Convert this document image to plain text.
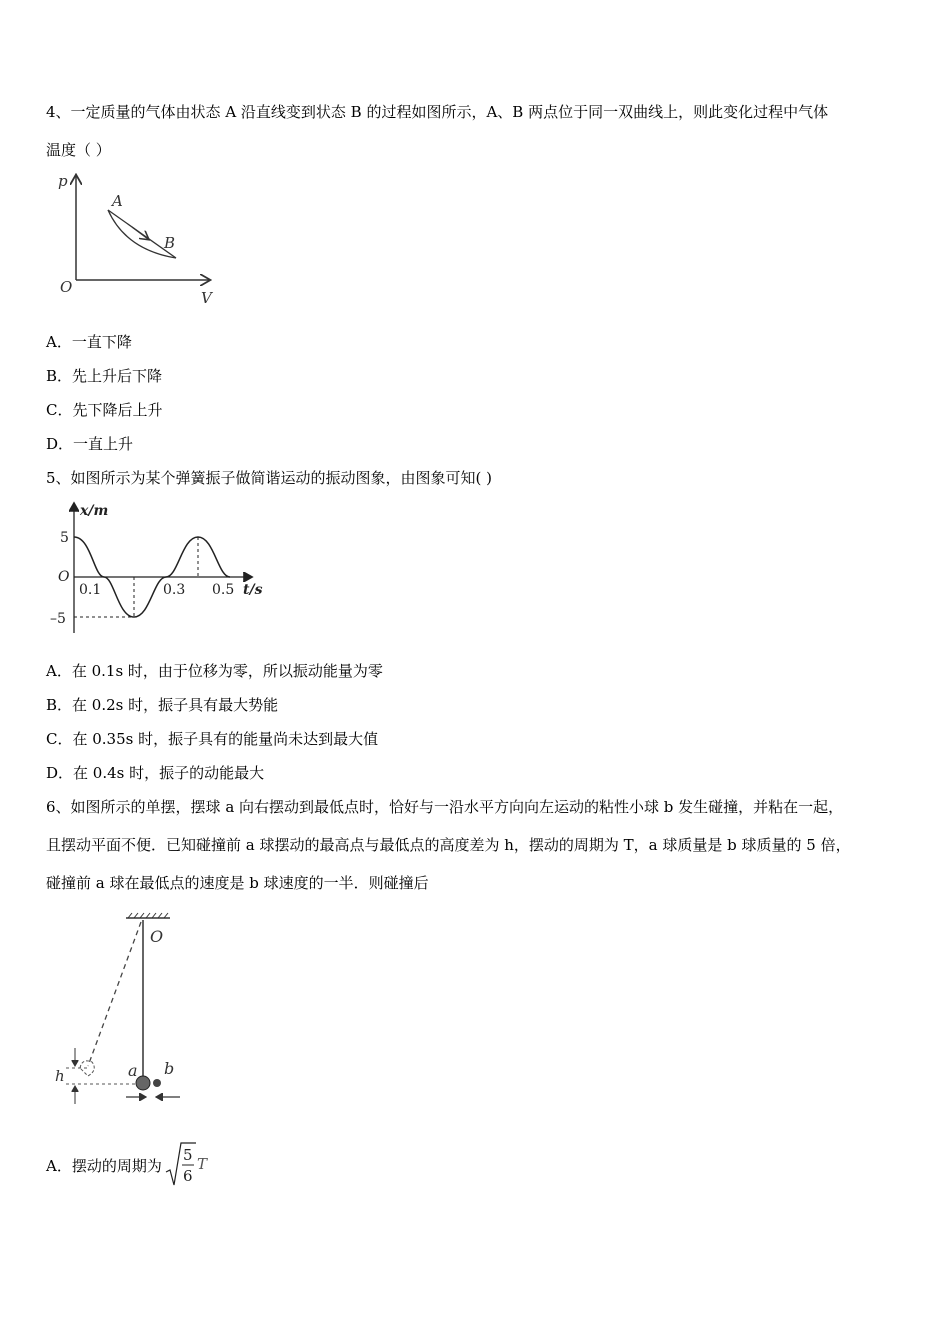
4、一定质量的气体由状态 A 沿直线变到状态 B 的过程如图所示，A、B 两点位于同一双曲线上，则此变化过程中气体
温度（ ）
p
V
O
A
B
A．一直下降
B．先上升后下降
C．先下降后上升
D．一直上升
5、如图所示为某个弹簧振子做简谐运动的振动图象，由图象可知( )
x/m
t/s
O
5
–5
0.1	0.3 0.5
A．在 0.1s 时，由于位移为零，所以振动能量为零
B．在 0.2s 时，振子具有最大势能
C．在 0.35s 时，振子具有的能量尚未达到最大值
D．在 0.4s 时，振子的动能最大
6、如图所示的单摆，摆球 a 向右摆动到最低点时，恰好与一沿水平方向向左运动的粘性小球 b 发生碰撞，并粘在一起，
且摆动平面不便．已知碰撞前 a 球摆动的最高点与最低点的高度差为 h，摆动的周期为 T，a 球质量是 b 球质量的 5 倍，
碰撞前 a 球在最低点的速度是 b 球速度的一半．则碰撞后
O
h	a b
A．摆动的周期为
5
6
T
